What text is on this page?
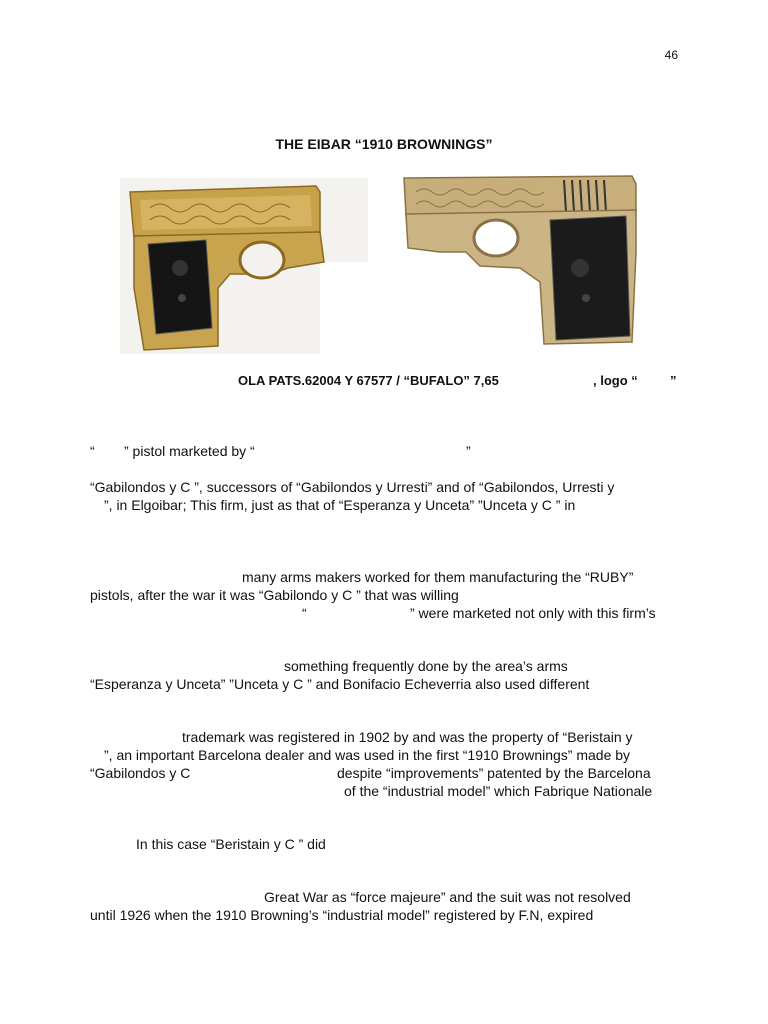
46
THE EIBAR “1910 BROWNINGS”
OLA PATS.62004 Y 67577 / “BUFALO” 7,65	, logo “ ”
“ ” pistol marketed by “	”
“Gabilondos y C ”, successors of “Gabilondos y Urresti” and of “Gabilondos, Urresti y
”, in Elgoibar; This firm, just as that of “Esperanza y Unceta” ”Unceta y C ” in
many arms makers worked for them manufacturing the “RUBY”
pistols, after the war it was “Gabilondo y C ” that was willing
“	” were marketed not only with this firm’s
something frequently done by the area’s arms
“Esperanza y Unceta” ”Unceta y C ” and Bonifacio Echeverria also used different
trademark was registered in 1902 by and was the property of “Beristain y
”, an important Barcelona dealer and was used in the first “1910 Brownings” made by
“Gabilondos y C	despite “improvements” patented by the Barcelona
of the “industrial model” which Fabrique Nationale
In this case “Beristain y C ” did
Great War as “force majeure” and the suit was not resolved
until 1926 when the 1910 Browning’s “industrial model” registered by F.N, expired
